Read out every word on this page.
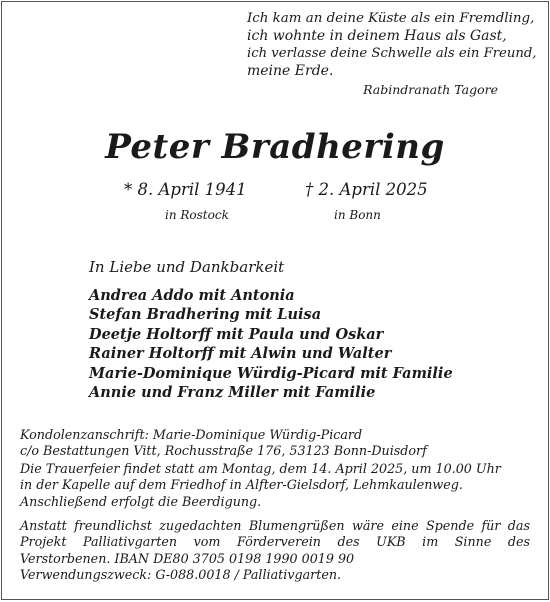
Ich kam an deine Küste als ein Fremdling,
ich wohnte in deinem Haus als Gast,
ich verlasse deine Schwelle als ein Freund,
meine Erde.
Rabindranath Tagore
Peter Bradhering
* 8. April 1941
in Rostock
† 2. April 2025
in Bonn
In Liebe und Dankbarkeit
Andrea Addo mit Antonia
Stefan Bradhering mit Luisa
Deetje Holtorff mit Paula und Oskar
Rainer Holtorff mit Alwin und Walter
Marie-Dominique Würdig-Picard mit Familie
Annie und Franz Miller mit Familie
Kondolenzanschrift: Marie-Dominique Würdig-Picard
c/o Bestattungen Vitt, Rochusstraße 176, 53123 Bonn-Duisdorf
Die Trauerfeier findet statt am Montag, dem 14. April 2025, um 10.00 Uhr
in der Kapelle auf dem Friedhof in Alfter-Gielsdorf, Lehmkaulenweg.
Anschließend erfolgt die Beerdigung.
Anstatt freundlichst zugedachten Blumengrüßen wäre eine Spende für das
Projekt Palliativgarten vom Förderverein des UKB im Sinne des
Verstorbenen. IBAN DE80 3705 0198 1990 0019 90
Verwendungszweck: G-088.0018 / Palliativgarten.
